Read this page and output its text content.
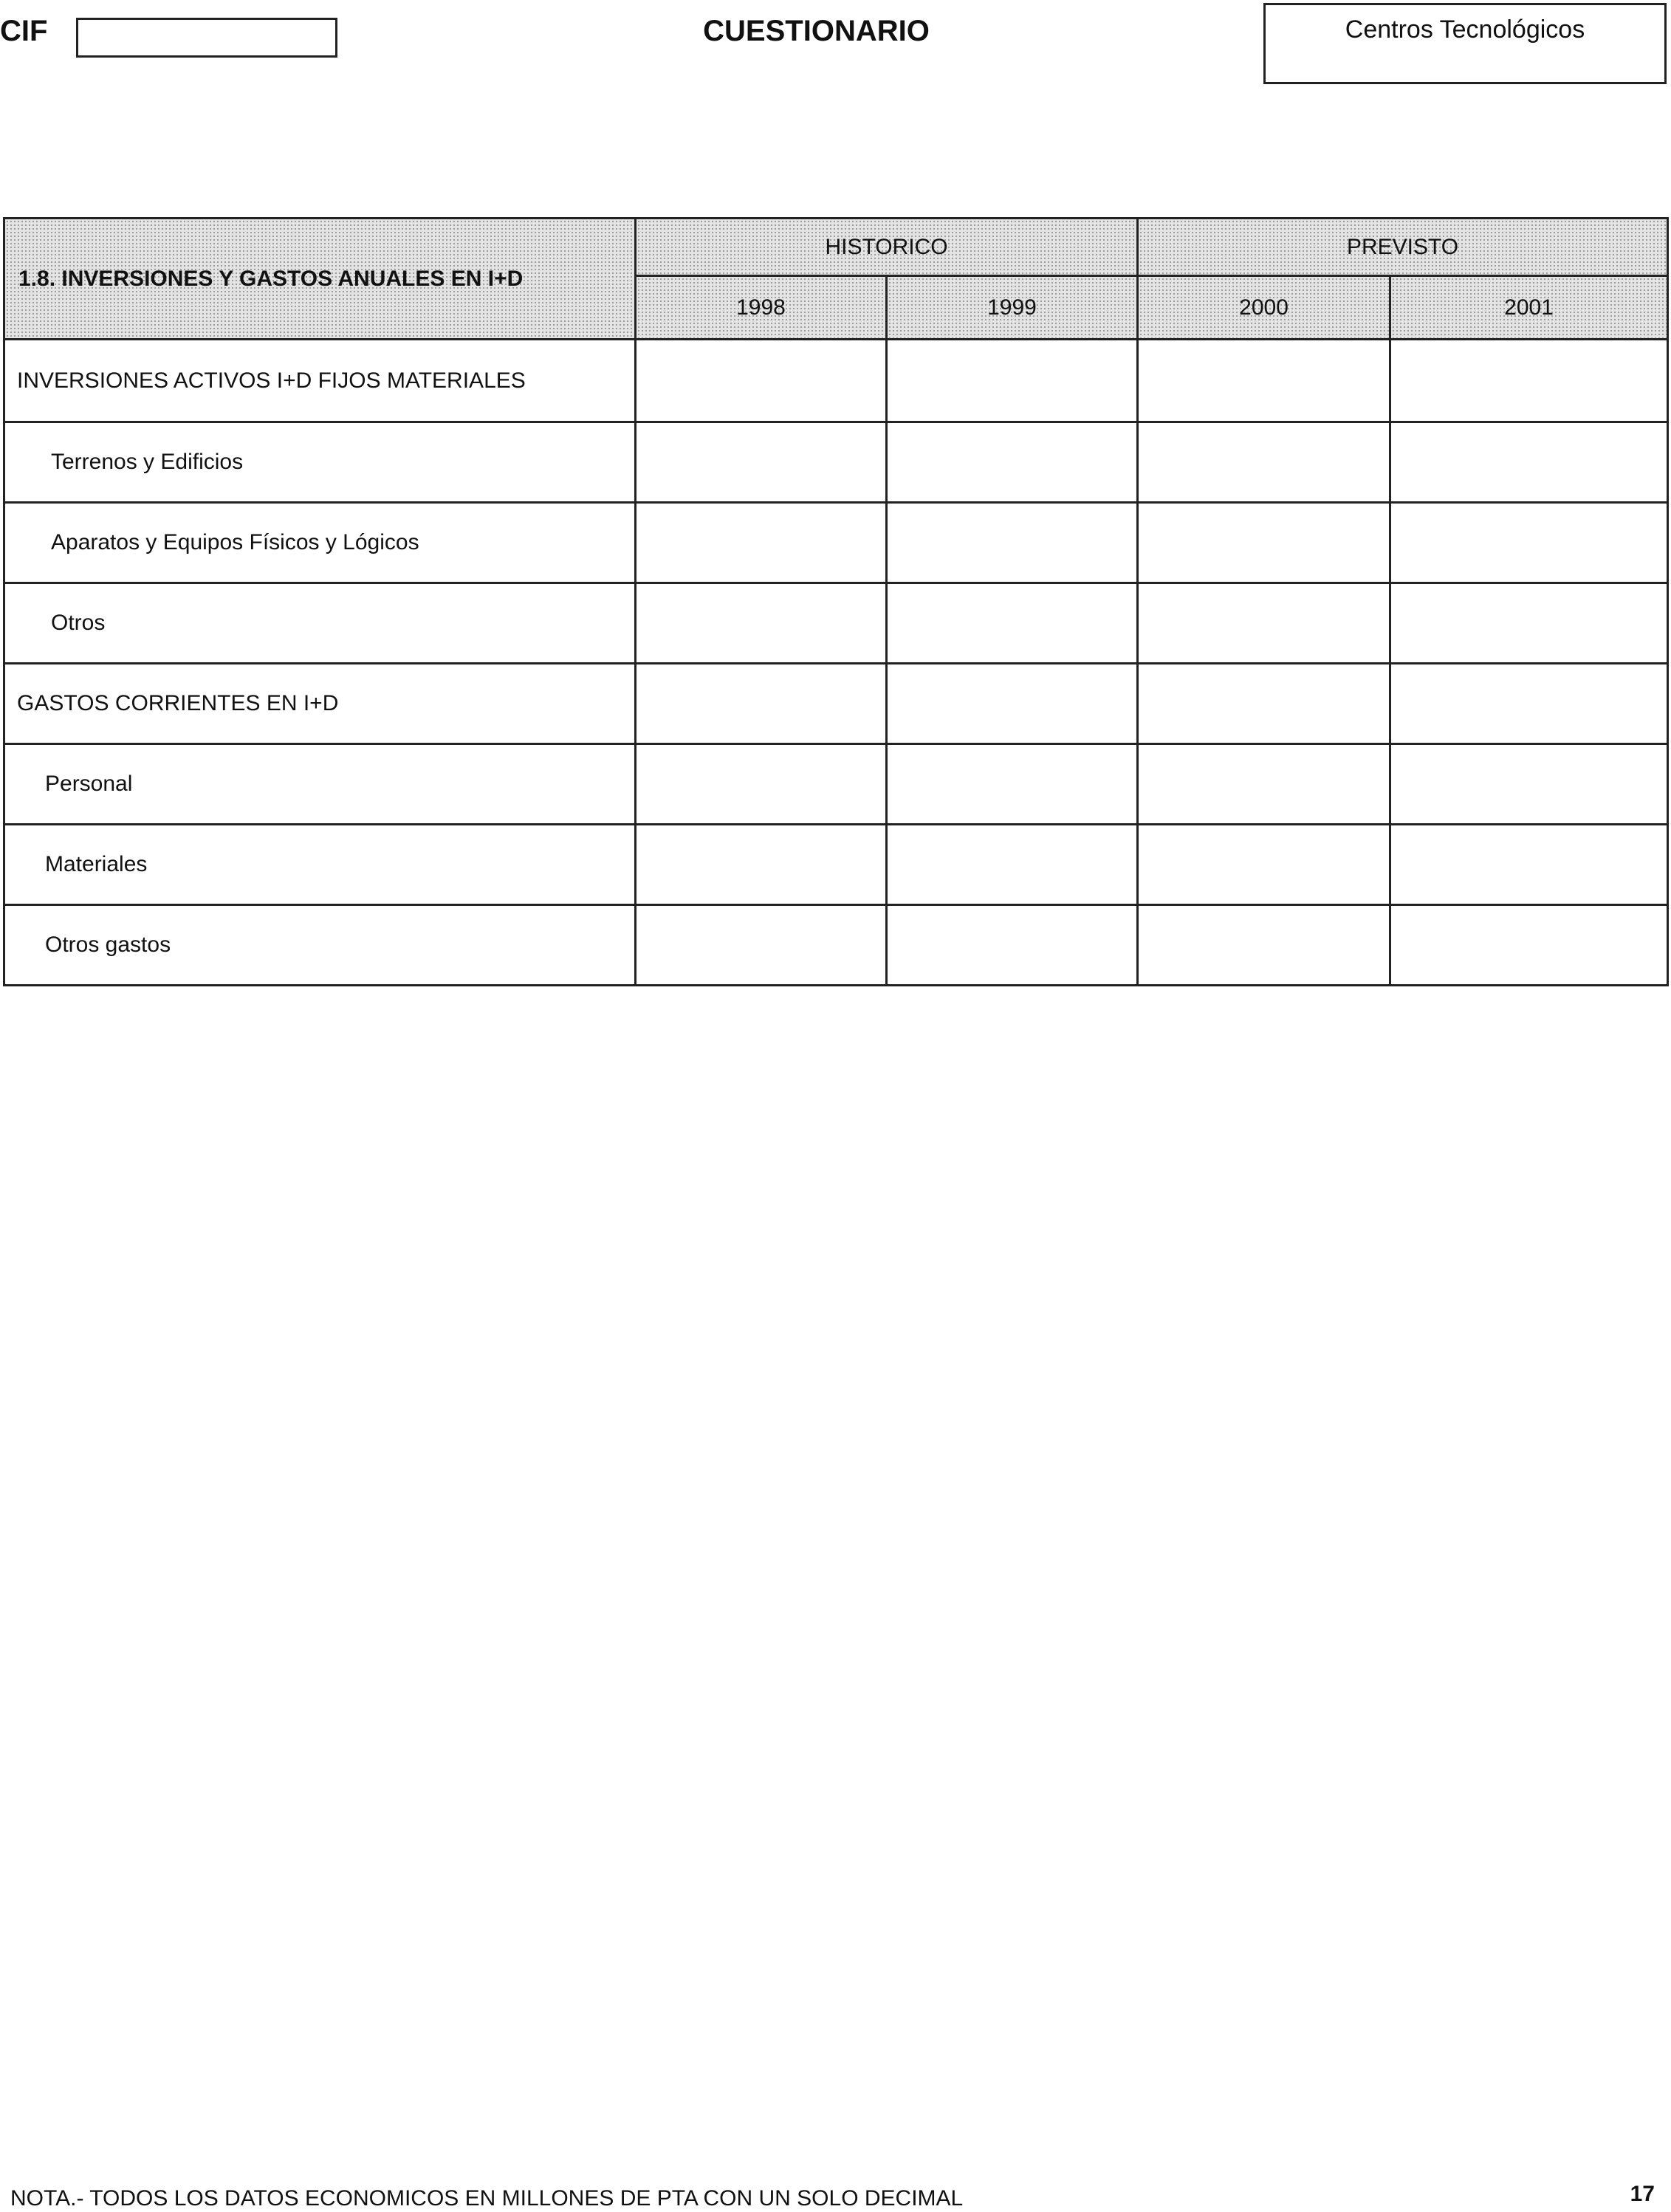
CIF	CUESTIONARIO	Centros Tecnológicos
1.8. INVERSIONES Y GASTOS ANUALES EN I+D	HISTORICO		PREVISTO	
	1998	1999	2000	2001
INVERSIONES ACTIVOS I+D FIJOS MATERIALES				
Terrenos y Edificios				
Aparatos y Equipos Físicos y Lógicos				
Otros				
GASTOS CORRIENTES EN I+D				
Personal				
Materiales				
Otros gastos				
NOTA.- TODOS LOS DATOS ECONOMICOS EN MILLONES DE PTA CON UN SOLO DECIMAL	17
